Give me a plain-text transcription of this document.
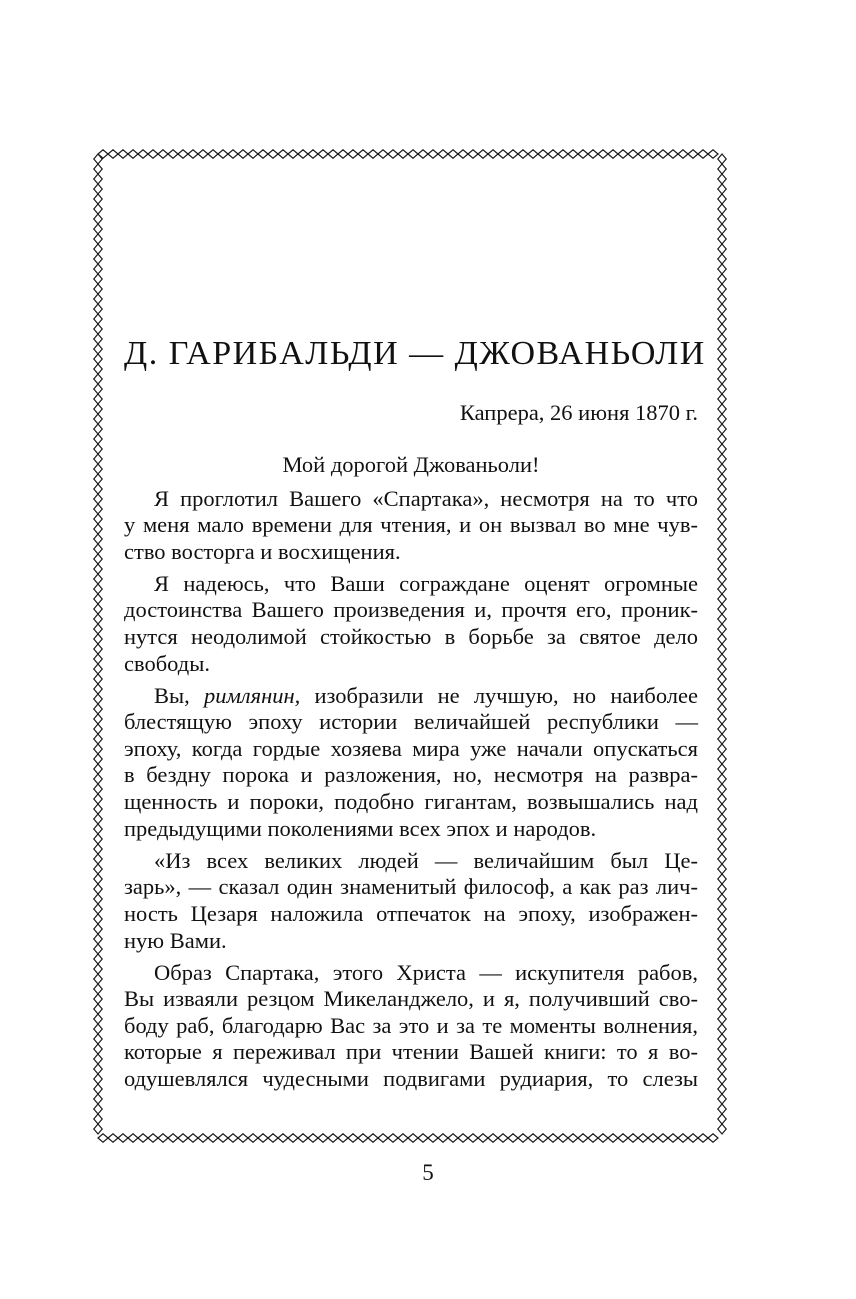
Д. ГАРИБАЛЬДИ — ДЖОВАНЬОЛИ
Капрера, 26 июня 1870 г.
Мой дорогой Джованьоли!
Я проглотил Вашего «Спартака», несмотря на то что
у меня мало времени для чтения, и он вызвал во мне чув-
ство восторга и восхищения.
Я надеюсь, что Ваши сограждане оценят огромные
достоинства Вашего произведения и, прочтя его, проник-
нутся неодолимой стойкостью в борьбе за святое дело
свободы.
Вы, римлянин, изобразили не лучшую, но наиболее
блестящую эпоху истории величайшей республики —
эпоху, когда гордые хозяева мира уже начали опускаться
в бездну порока и разложения, но, несмотря на развра-
щенность и пороки, подобно гигантам, возвышались над
предыдущими поколениями всех эпох и народов.
«Из всех великих людей — величайшим был Це-
зарь», — сказал один знаменитый философ, а как раз лич-
ность Цезаря наложила отпечаток на эпоху, изображен-
ную Вами.
Образ Спартака, этого Христа — искупителя рабов,
Вы изваяли резцом Микеланджело, и я, получивший сво-
боду раб, благодарю Вас за это и за те моменты волнения,
которые я переживал при чтении Вашей книги: то я во-
одушевлялся чудесными подвигами рудиария, то слезы
5
